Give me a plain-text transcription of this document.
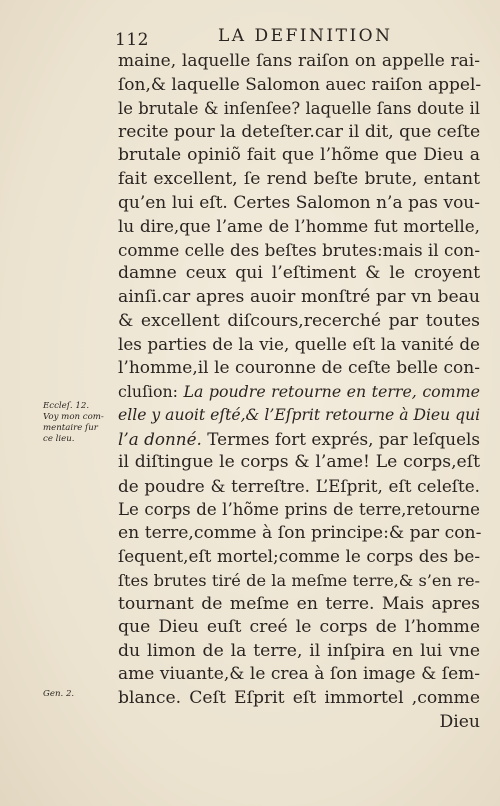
112	LA DEFINITION
maine, laquelle ſans raiſon on appelle rai-
ſon,& laquelle Salomon auec raiſon appel-
le brutale & inſenſee? laquelle ſans doute il
recite pour la deteſter.car il dit, que ceſte
brutale opiniõ fait que l’hõme que Dieu a
fait excellent, ſe rend beſte brute, entant
qu’en lui eſt. Certes Salomon n’a pas vou-
lu dire,que l’ame de l’homme fut mortelle,
comme celle des beſtes brutes:mais il con-
damne ceux qui l’eſtiment & le croyent
ainſi.car apres auoir monſtré par vn beau
& excellent diſcours,recerché par toutes
les parties de la vie, quelle eſt la vanité de
l’homme,il le couronne de ceſte belle con-
cluſion: La poudre retourne en terre, comme
elle y auoit eſté,& l’Eſprit retourne à Dieu qui
l’a donné. Termes fort exprés, par leſquels
il diſtingue le corps & l’ame! Le corps,eſt
de poudre & terreſtre. L’Eſprit, eſt celeſte.
Le corps de l’hõme prins de terre,retourne
en terre,comme à ſon principe:& par con-
ſequent,eſt mortel;comme le corps des be-
ſtes brutes tiré de la meſme terre,& s’en re-
tournant de meſme en terre. Mais apres
que Dieu euſt creé le corps de l’homme
du limon de la terre, il inſpira en lui vne
ame viuante,& le crea à ſon image & ſem-
blance. Ceſt Eſprit eſt immortel ,comme
Dieu
Eccleſ. 12.
Voy mon com-
mentaire ſur
ce lieu.
Gen. 2.
